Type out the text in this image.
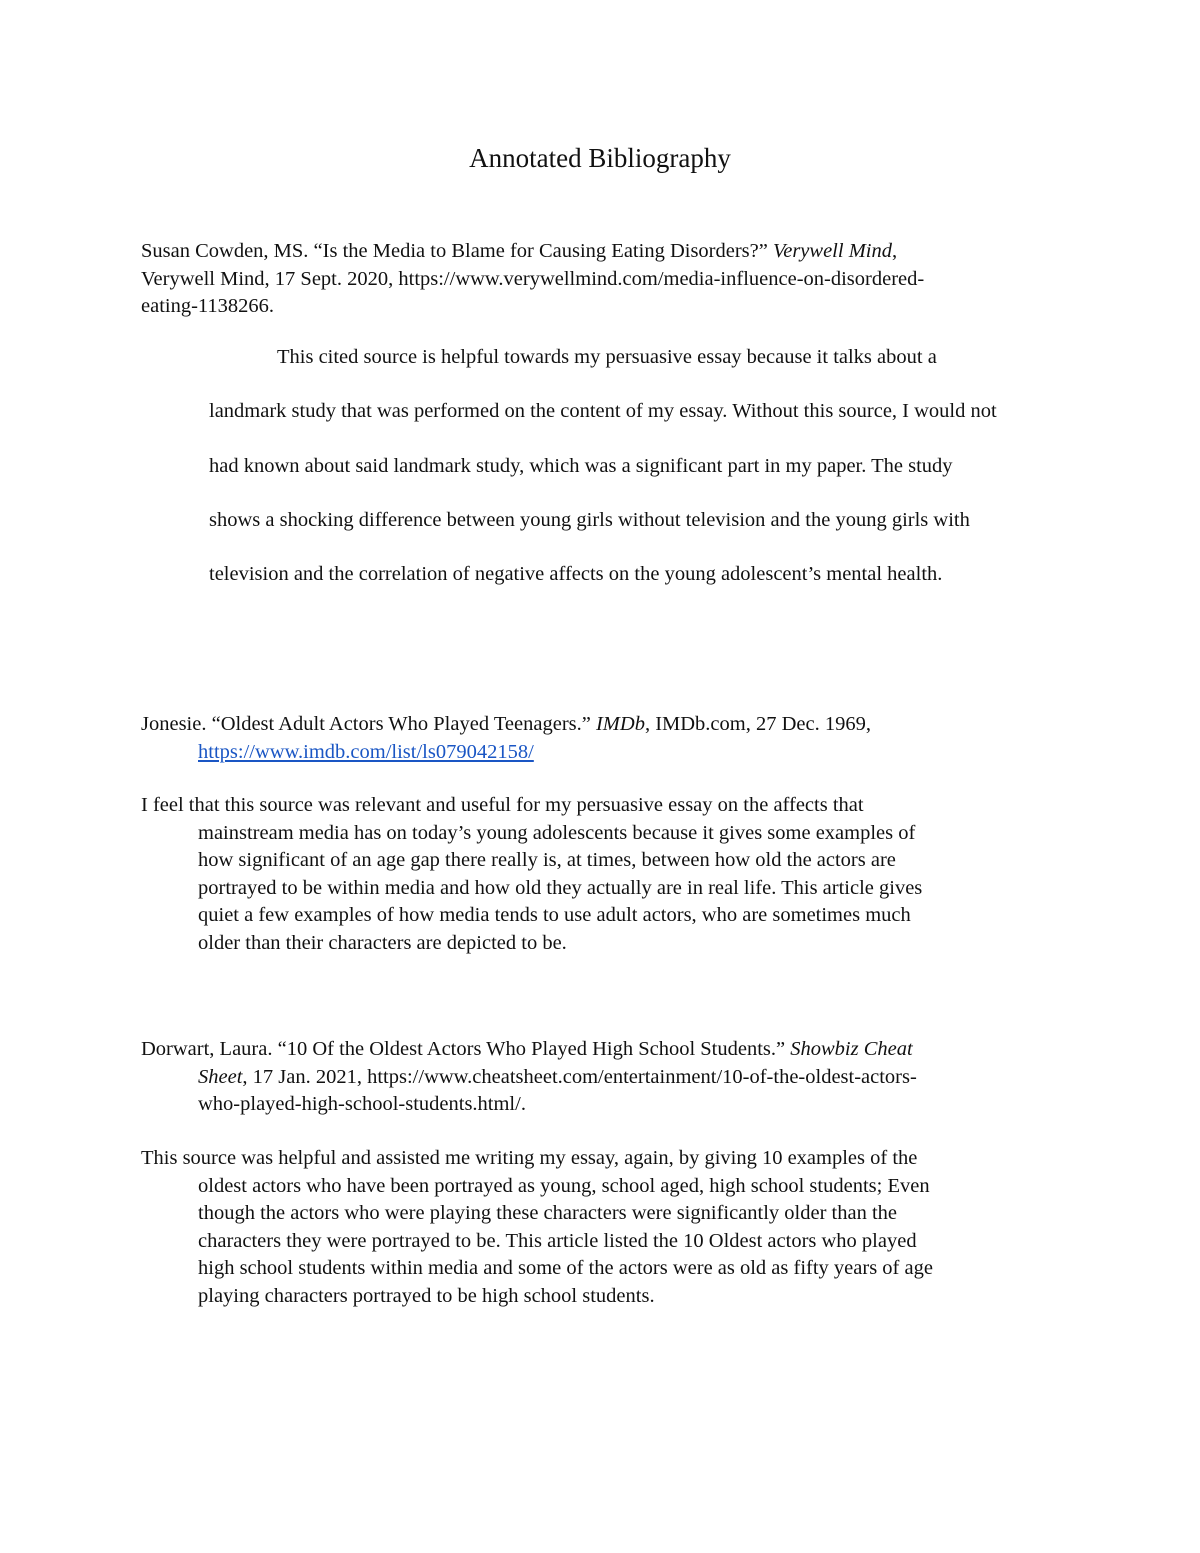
Annotated Bibliography
Susan Cowden, MS. “Is the Media to Blame for Causing Eating Disorders?” Verywell Mind,
Verywell Mind, 17 Sept. 2020, https://www.verywellmind.com/media-influence-on-disordered-
eating-1138266.
This cited source is helpful towards my persuasive essay because it talks about a
landmark study that was performed on the content of my essay. Without this source, I would not
had known about said landmark study, which was a significant part in my paper. The study
shows a shocking difference between young girls without television and the young girls with
television and the correlation of negative affects on the young adolescent’s mental health.
Jonesie. “Oldest Adult Actors Who Played Teenagers.” IMDb, IMDb.com, 27 Dec. 1969,
https://www.imdb.com/list/ls079042158/
I feel that this source was relevant and useful for my persuasive essay on the affects that
mainstream media has on today’s young adolescents because it gives some examples of
how significant of an age gap there really is, at times, between how old the actors are
portrayed to be within media and how old they actually are in real life. This article gives
quiet a few examples of how media tends to use adult actors, who are sometimes much
older than their characters are depicted to be.
Dorwart, Laura. “10 Of the Oldest Actors Who Played High School Students.” Showbiz Cheat
Sheet, 17 Jan. 2021, https://www.cheatsheet.com/entertainment/10-of-the-oldest-actors-
who-played-high-school-students.html/.
This source was helpful and assisted me writing my essay, again, by giving 10 examples of the
oldest actors who have been portrayed as young, school aged, high school students; Even
though the actors who were playing these characters were significantly older than the
characters they were portrayed to be. This article listed the 10 Oldest actors who played
high school students within media and some of the actors were as old as fifty years of age
playing characters portrayed to be high school students.
